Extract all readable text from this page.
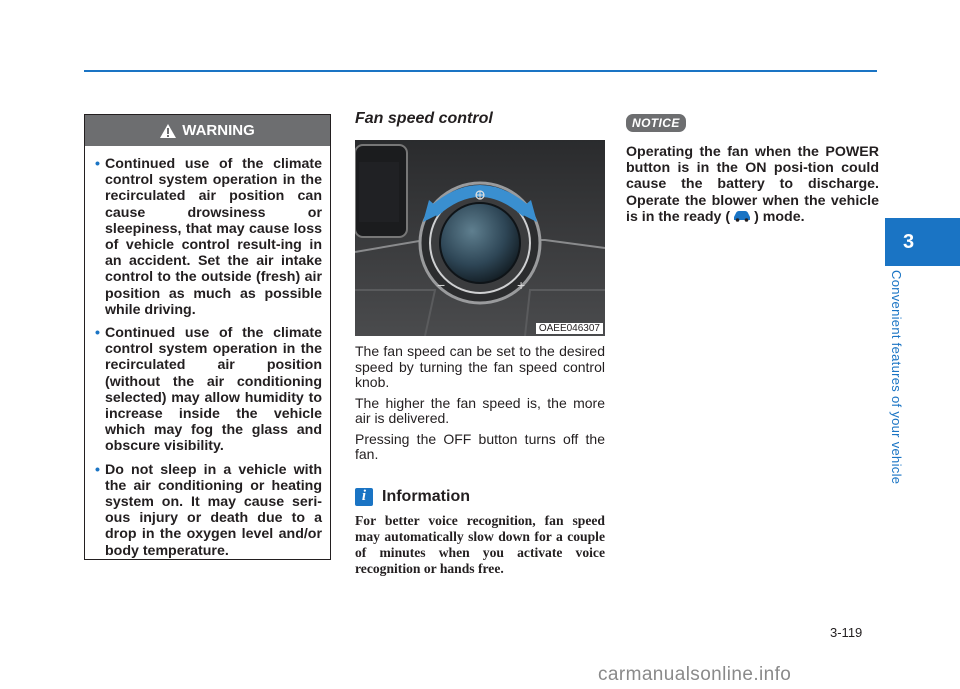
3
Convenient features of your vehicle
WARNING
• Continued use of the climate control system operation in the recirculated air position can cause drowsiness or sleepiness, that may cause loss of vehicle control result-ing in an accident. Set the air intake control to the outside (fresh) air position as much as possible while driving.
• Continued use of the climate control system operation in the recirculated air position (without the air conditioning selected) may allow humidity to increase inside the vehicle which may fog the glass and obscure visibility.
• Do not sleep in a vehicle with the air conditioning or heating system on. It may cause seri-ous injury or death due to a drop in the oxygen level and/or body temperature.
Fan speed control
−	+
OAEE046307

The fan speed can be set to the desired speed by turning the fan speed control knob.

The higher the fan speed is, the more air is delivered.

Pressing the OFF button turns off the fan.

i Information

For better voice recognition, fan speed may automatically slow down for a couple of minutes when you activate voice recognition or hands free.

NOTICE

Operating the fan when the POWER button is in the ON posi-tion could cause the battery to discharge. Operate the blower when the vehicle is in the ready ( ) mode.

3-119
carmanualsonline.info
